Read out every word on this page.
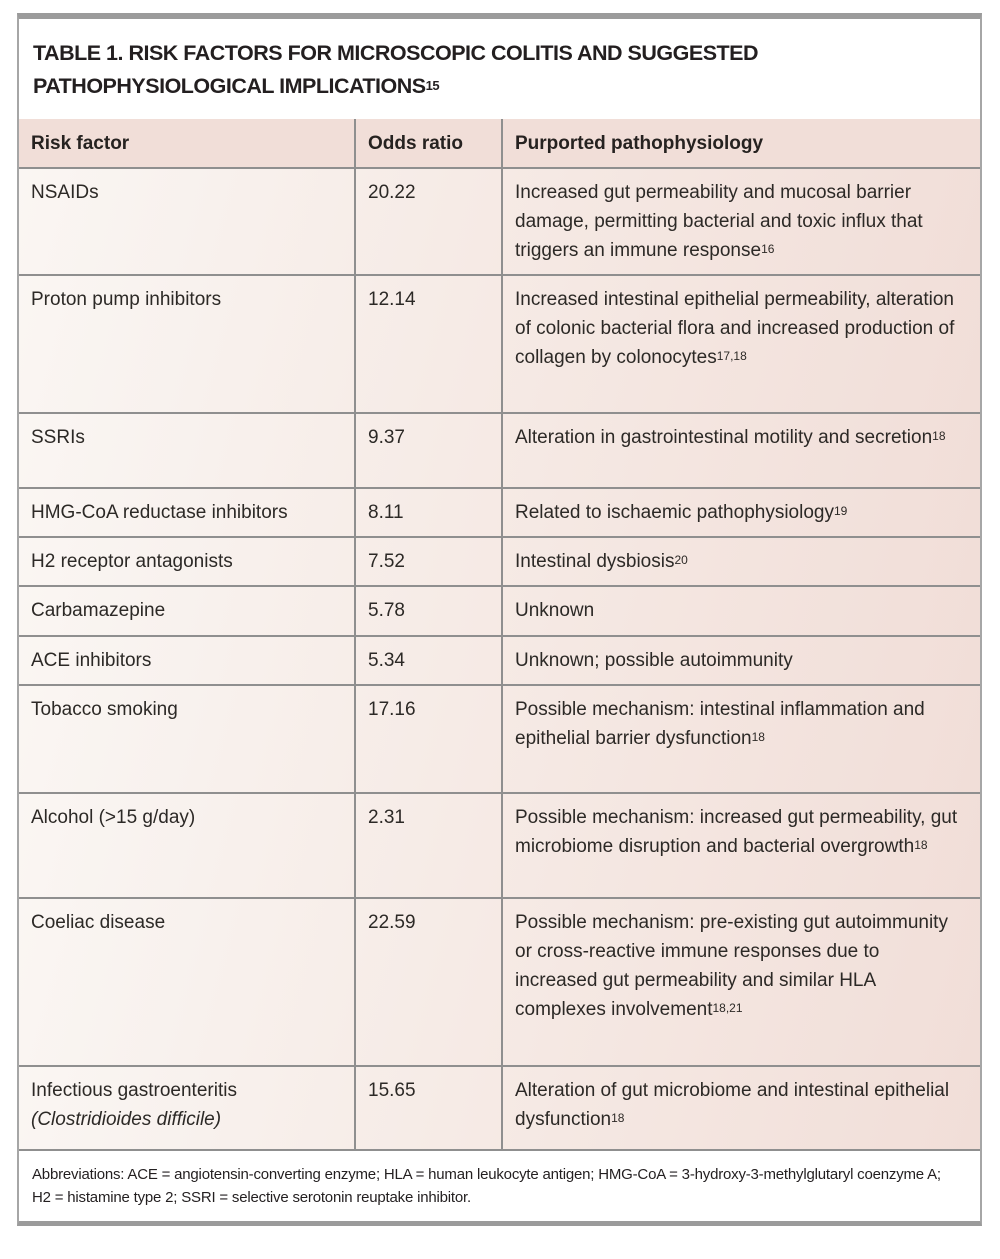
TABLE 1. RISK FACTORS FOR MICROSCOPIC COLITIS AND SUGGESTED PATHOPHYSIOLOGICAL IMPLICATIONS$^{15}$
Risk factor	Odds ratio	Purported pathophysiology
NSAIDs	20.22	Increased gut permeability and mucosal barrier damage, permitting bacterial and toxic influx that triggers an immune response$^{16}$
Proton pump inhibitors	12.14	Increased intestinal epithelial permeability, alteration of colonic bacterial flora and increased production of collagen by colonocytes$^{17,18}$
SSRIs	9.37	Alteration in gastrointestinal motility and secretion$^{18}$
HMG-CoA reductase inhibitors	8.11	Related to ischaemic pathophysiology$^{19}$
H2 receptor antagonists	7.52	Intestinal dysbiosis$^{20}$
Carbamazepine	5.78	Unknown
ACE inhibitors	5.34	Unknown; possible autoimmunity
Tobacco smoking	17.16	Possible mechanism: intestinal inflammation and epithelial barrier dysfunction$^{18}$
Alcohol (>15 g/day)	2.31	Possible mechanism: increased gut permeability, gut microbiome disruption and bacterial overgrowth$^{18}$
Coeliac disease	22.59	Possible mechanism: pre-existing gut autoimmunity or cross-reactive immune responses due to increased gut permeability and similar HLA complexes involvement$^{18,21}$
Infectious gastroenteritis (Clostridioides difficile)	15.65	Alteration of gut microbiome and intestinal epithelial dysfunction$^{18}$
Abbreviations: ACE = angiotensin-converting enzyme; HLA = human leukocyte antigen; HMG-CoA = 3-hydroxy-3-methylglutaryl coenzyme A; H2 = histamine type 2; SSRI = selective serotonin reuptake inhibitor.
